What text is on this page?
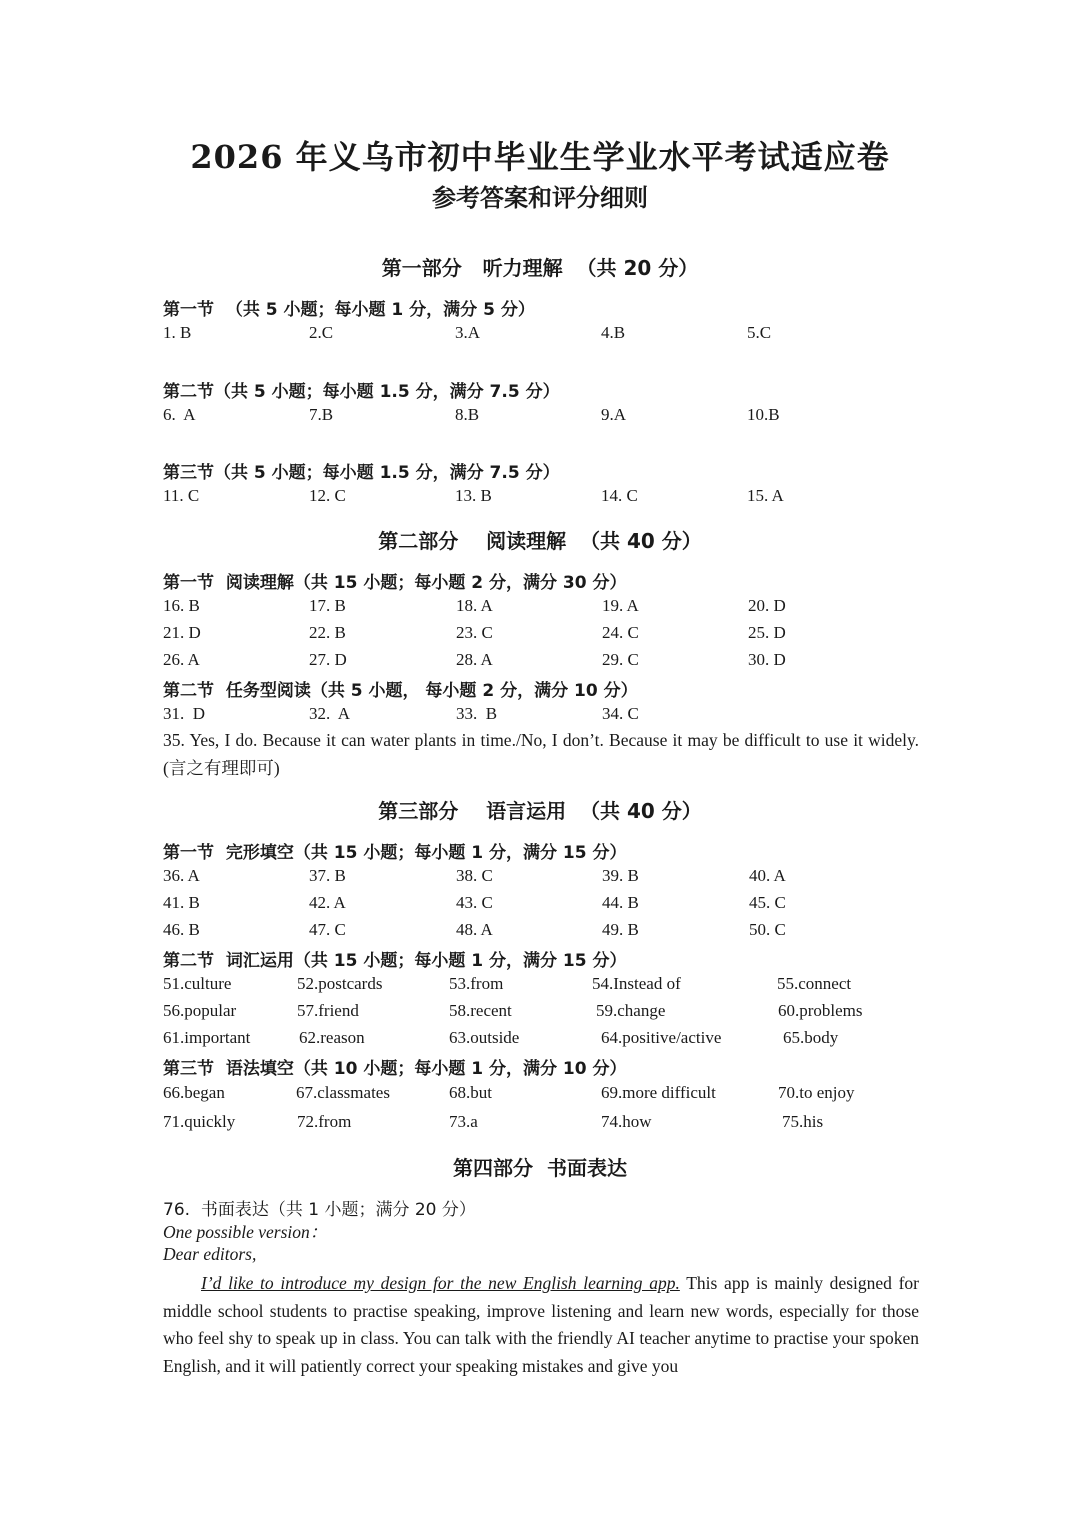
2026 年义乌市初中毕业生学业水平考试适应卷
参考答案和评分细则
第一部分   听力理解  （共 20 分）
第一节  （共 5 小题；每小题 1 分，满分 5 分）
1. B	2.C	3.A	4.B	5.C
第二节（共 5 小题；每小题 1.5 分，满分 7.5 分）
6.  A	7.B	8.B	9.A	10.B
第三节（共 5 小题；每小题 1.5 分，满分 7.5 分）
11. C	12. C	13. B	14. C	15. A
第二部分    阅读理解  （共 40 分）
第一节  阅读理解（共 15 小题；每小题 2 分，满分 30 分）
16. B	17. B	18. A	19. A	20. D
21. D	22. B	23. C	24. C	25. D
26. A	27. D	28. A	29. C	30. D
第二节  任务型阅读（共 5 小题， 每小题 2 分，满分 10 分）
31.  D	32.  A	33.  B	34. C
35. Yes, I do. Because it can water plants in time./No, I don’t. Because it may be difficult to use it widely. (言之有理即可)
第三部分    语言运用  （共 40 分）
第一节  完形填空（共 15 小题；每小题 1 分，满分 15 分）
36. A	37. B	38. C	39. B	40. A
41. B	42. A	43. C	44. B	45. C
46. B	47. C	48. A	49. B	50. C
第二节  词汇运用（共 15 小题；每小题 1 分，满分 15 分）
51.culture	52.postcards	53.from	54.Instead of	55.connect
56.popular	57.friend	58.recent	59.change	60.problems
61.important	62.reason	63.outside	64.positive/active	65.body
第三节  语法填空（共 10 小题；每小题 1 分，满分 10 分）
66.began	67.classmates	68.but	69.more difficult	70.to enjoy
71.quickly	72.from	73.a	74.how	75.his
第四部分  书面表达
76.  书面表达（共 1 小题；满分 20 分）
One possible version：
Dear editors,
I’d like to introduce my design for the new English learning app. This app is mainly designed for middle school students to practise speaking, improve listening and learn new words, especially for those who feel shy to speak up in class. You can talk with the friendly AI teacher anytime to practise your spoken English, and it will patiently correct your speaking mistakes and give you
